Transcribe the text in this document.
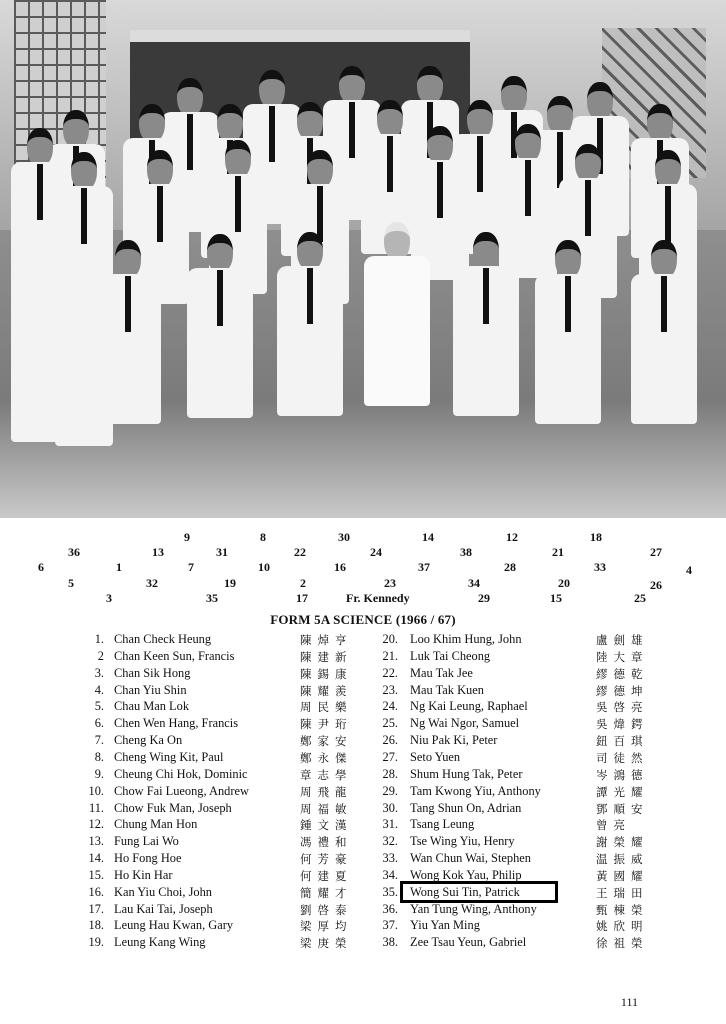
9	8	30	14	12	18
36	13	31	22	24	38	21	27
6	1	7	10	16	37	28	33	4
5	32	19	2	23	34	20	26
3	35	17	Fr. Kennedy	29	15	25
FORM 5A SCIENCE (1966 / 67)
1. Chan Check Heung	陳焯亨
2 Chan Keen Sun, Francis	陳建新
3. Chan Sik Hong	陳錫康
4. Chan Yiu Shin	陳耀羨
5. Chau Man Lok	周民樂
6. Chen Wen Hang, Francis	陳尹珩
7. Cheng Ka On	鄭家安
8. Cheng Wing Kit, Paul	鄭永傑
9. Cheung Chi Hok, Dominic	章志學
10. Chow Fai Lueong, Andrew	周飛龍
11. Chow Fuk Man, Joseph	周福敏
12. Chung Man Hon	鍾文漢
13. Fung Lai Wo	馮禮和
14. Ho Fong Hoe	何芳豪
15. Ho Kin Har	何建夏
16. Kan Yiu Choi, John	簡耀才
17. Lau Kai Tai, Joseph	劉啓泰
18. Leung Hau Kwan, Gary	梁厚均
19. Leung Kang Wing	梁庚榮
20. Loo Khim Hung, John	盧劍雄
21. Luk Tai Cheong	陸大章
22. Mau Tak Jee	繆德乾
23. Mau Tak Kuen	繆德坤
24. Ng Kai Leung, Raphael	吳啓亮
25. Ng Wai Ngor, Samuel	吳煒鍔
26. Niu Pak Ki, Peter	鈕百琪
27. Seto Yuen	司徒然
28. Shum Hung Tak, Peter	岑鴻德
29. Tam Kwong Yiu, Anthony	譚光耀
30. Tang Shun On, Adrian	鄧順安
31. Tsang Leung	曾亮
32. Tse Wing Yiu, Henry	謝榮耀
33. Wan Chun Wai, Stephen	温振威
34. Wong Kok Yau, Philip	黃國耀
35. Wong Sui Tin, Patrick	王瑞田
36. Yan Tung Wing, Anthony	甄棟榮
37. Yiu Yan Ming	姚欣明
38. Zee Tsau Yeun, Gabriel	徐祖榮
111
